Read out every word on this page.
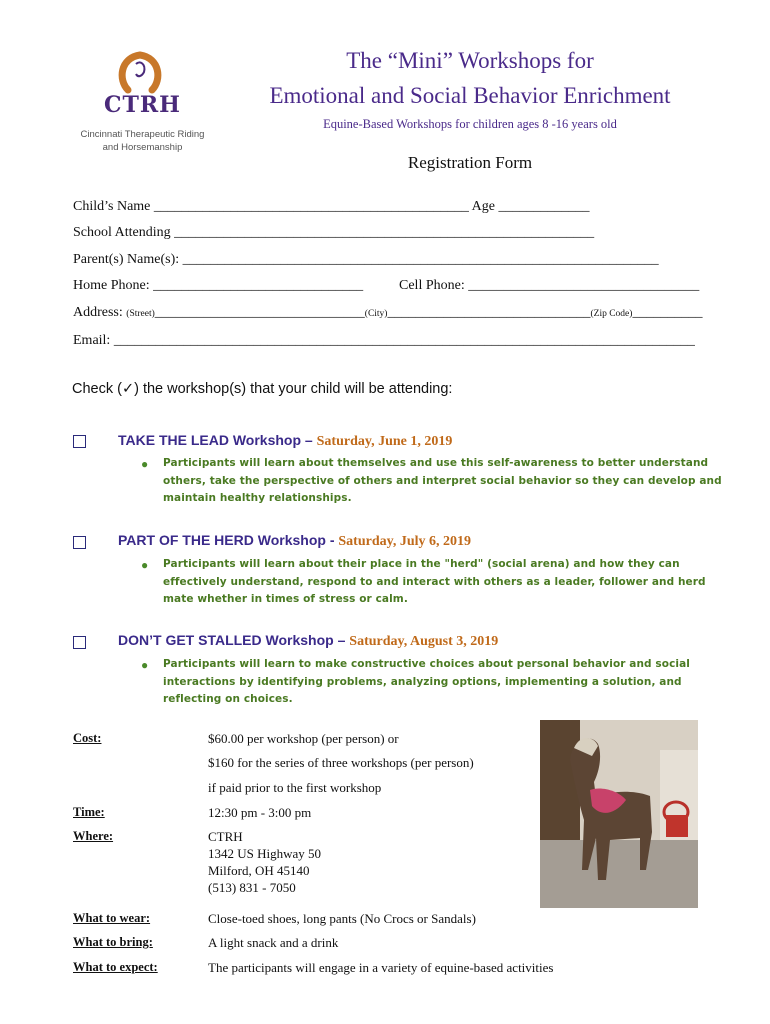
CTRH
Cincinnati Therapeutic Riding
and Horsemanship
The “Mini” Workshops for
Emotional and Social Behavior Enrichment
Equine-Based Workshops for children ages 8 -16 years old
Registration Form
Child’s Name _____________________________________________ Age _____________
School Attending ____________________________________________________________
Parent(s) Name(s): ____________________________________________________________________
Home Phone: ______________________________	Cell Phone: _________________________________
Address: (Street)______________________________(City)_____________________________(Zip Code)__________
Email: ___________________________________________________________________________________
Check (✓) the workshop(s) that your child will be attending:
TAKE THE LEAD Workshop – Saturday, June 1, 2019
● Participants will learn about themselves and use this self-awareness to better understand others, take the perspective of others and interpret social behavior so they can develop and maintain healthy relationships.
PART OF THE HERD Workshop - Saturday, July 6, 2019
● Participants will learn about their place in the "herd" (social arena) and how they can effectively understand, respond to and interact with others as a leader, follower and herd mate whether in times of stress or calm.
DON’T GET STALLED Workshop – Saturday, August 3, 2019
● Participants will learn to make constructive choices about personal behavior and social interactions by identifying problems, analyzing options, implementing a solution, and reflecting on choices.
Cost:	$60.00 per workshop (per person) or
$160 for the series of three workshops (per person)
if paid prior to the first workshop
Time:	12:30 pm - 3:00 pm
Where:	CTRH
1342 US Highway 50
Milford, OH 45140
(513) 831 - 7050
What to wear:	Close-toed shoes, long pants (No Crocs or Sandals)
What to bring:	A light snack and a drink
What to expect:	The participants will engage in a variety of equine-based activities
